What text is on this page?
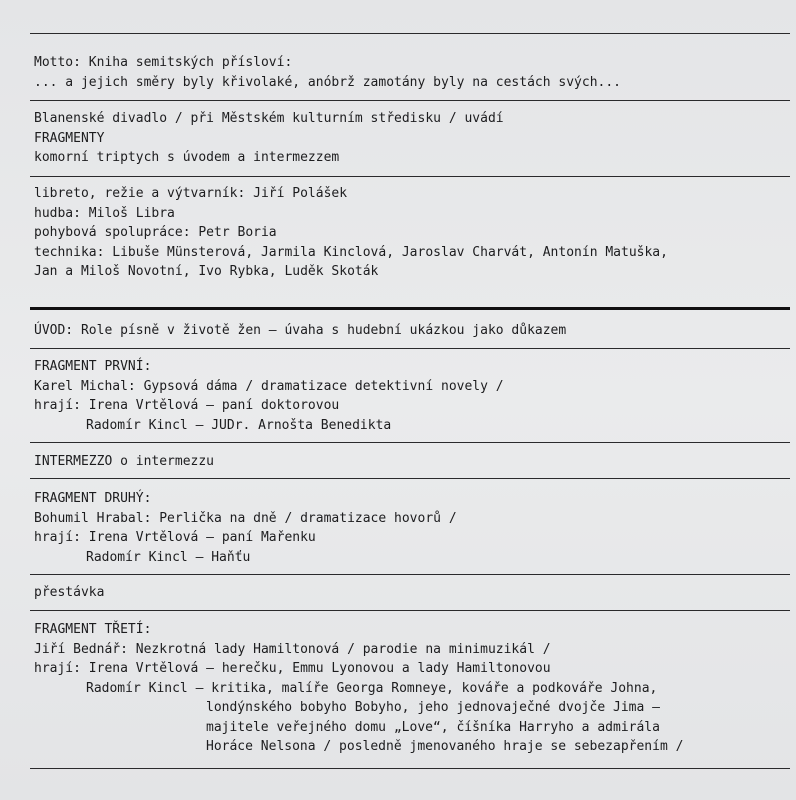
Motto: Kniha semitských přísloví:
... a jejich směry byly křivolaké, anóbrž zamotány byly na cestách svých...
Blanenské divadlo / při Městském kulturním středisku / uvádí
FRAGMENTY
komorní triptych s úvodem a intermezzem
libreto, režie a výtvarník: Jiří Polášek
hudba: Miloš Libra
pohybová spolupráce: Petr Boria
technika: Libuše Münsterová, Jarmila Kinclová, Jaroslav Charvát, Antonín Matuška,
Jan a Miloš Novotní, Ivo Rybka, Luděk Skoták
ÚVOD: Role písně v životě žen – úvaha s hudební ukázkou jako důkazem
FRAGMENT PRVNÍ:
Karel Michal: Gypsová dáma / dramatizace detektivní novely /
hrají: Irena Vrtělová – paní doktorovou
Radomír Kincl – JUDr. Arnošta Benedikta
INTERMEZZO o intermezzu
FRAGMENT DRUHÝ:
Bohumil Hrabal: Perlička na dně / dramatizace hovorů /
hrají: Irena Vrtělová – paní Mařenku
Radomír Kincl – Haňťu
přestávka
FRAGMENT TŘETÍ:
Jiří Bednář: Nezkrotná lady Hamiltonová / parodie na minimuzikál /
hrají: Irena Vrtělová – herečku, Emmu Lyonovou a lady Hamiltonovou
Radomír Kincl – kritika, malíře Georga Romneye, kováře a podkováře Johna,
londýnského bobyho Bobyho, jeho jednovaječné dvojče Jima –
majitele veřejného domu „Love“, číšníka Harryho a admirála
Horáce Nelsona / posledně jmenovaného hraje se sebezapřením /
